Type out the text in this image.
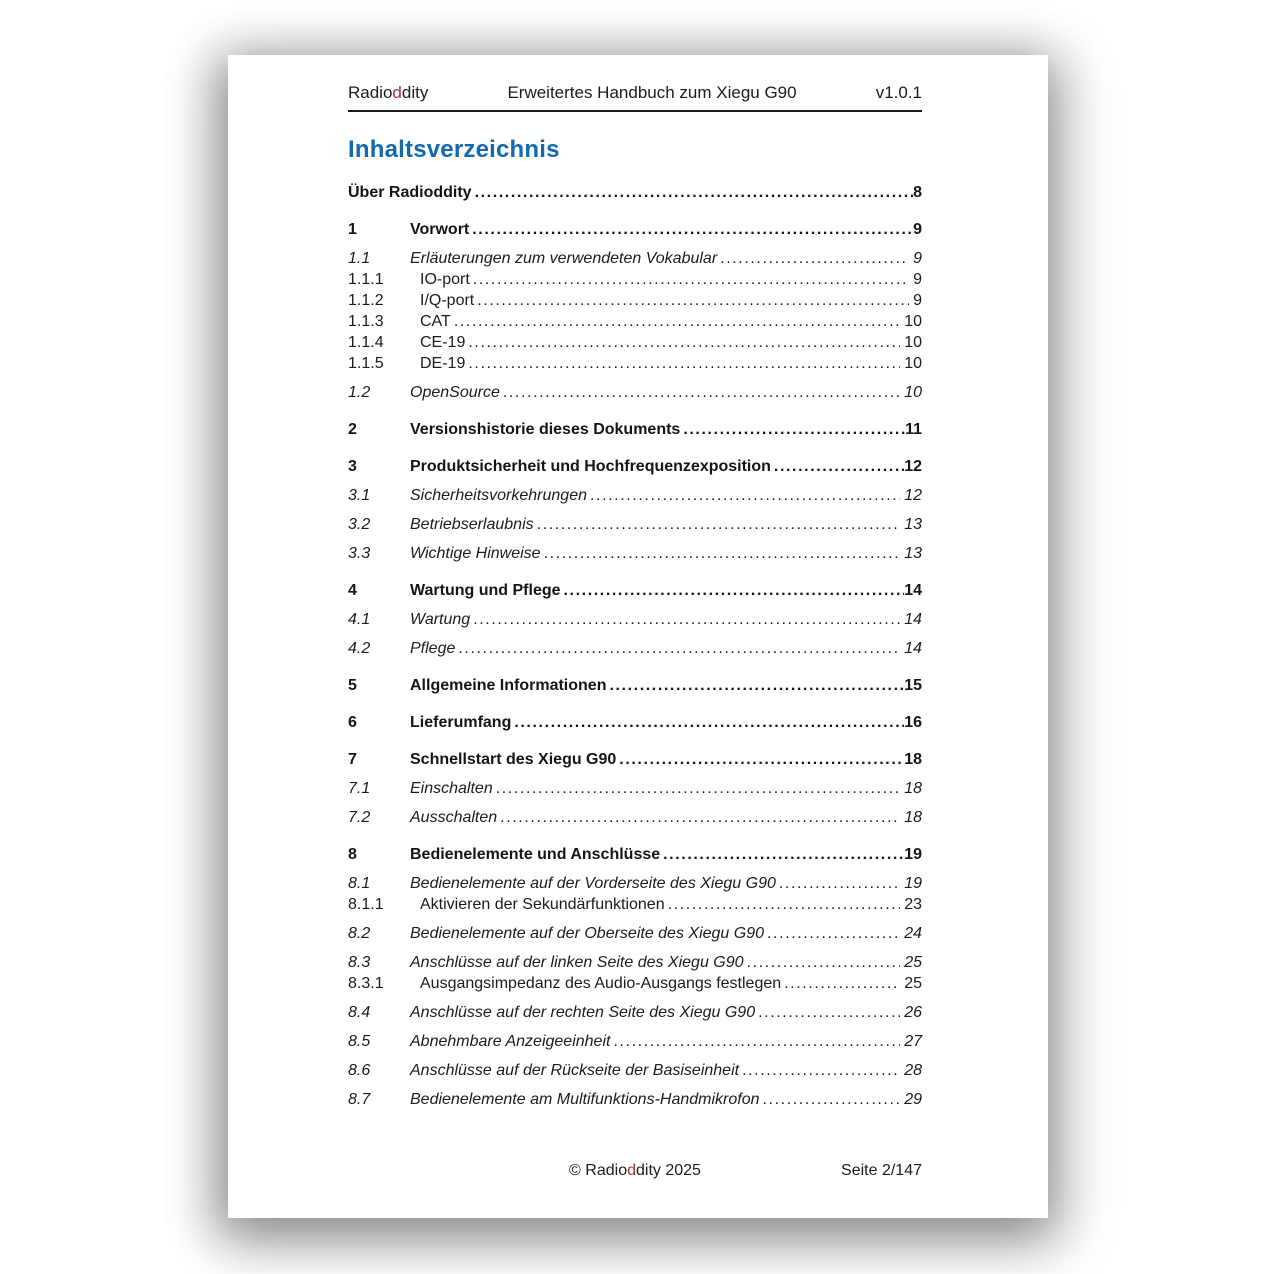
Radioddity	Erweitertes Handbuch zum Xiegu G90	v1.0.1
Inhaltsverzeichnis
Über Radioddity .....	8
1	Vorwort .....	9
1.1	Erläuterungen zum verwendeten Vokabular .....	9
1.1.1	IO-port .....	9
1.1.2	I/Q-port .....	9
1.1.3	CAT .....	10
1.1.4	CE-19 .....	10
1.1.5	DE-19 .....	10
1.2	OpenSource .....	10
2	Versionshistorie dieses Dokuments .....	11
3	Produktsicherheit und Hochfrequenzexposition .....	12
3.1	Sicherheitsvorkehrungen .....	12
3.2	Betriebserlaubnis .....	13
3.3	Wichtige Hinweise .....	13
4	Wartung und Pflege .....	14
4.1	Wartung .....	14
4.2	Pflege .....	14
5	Allgemeine Informationen .....	15
6	Lieferumfang .....	16
7	Schnellstart des Xiegu G90 .....	18
7.1	Einschalten .....	18
7.2	Ausschalten .....	18
8	Bedienelemente und Anschlüsse .....	19
8.1	Bedienelemente auf der Vorderseite des Xiegu G90 .....	19
8.1.1	Aktivieren der Sekundärfunktionen .....	23
8.2	Bedienelemente auf der Oberseite des Xiegu G90 .....	24
8.3	Anschlüsse auf der linken Seite des Xiegu G90 .....	25
8.3.1	Ausgangsimpedanz des Audio-Ausgangs festlegen .....	25
8.4	Anschlüsse auf der rechten Seite des Xiegu G90 .....	26
8.5	Abnehmbare Anzeigeeinheit .....	27
8.6	Anschlüsse auf der Rückseite der Basiseinheit .....	28
8.7	Bedienelemente am Multifunktions-Handmikrofon .....	29
© Radioddity 2025	Seite 2/147
